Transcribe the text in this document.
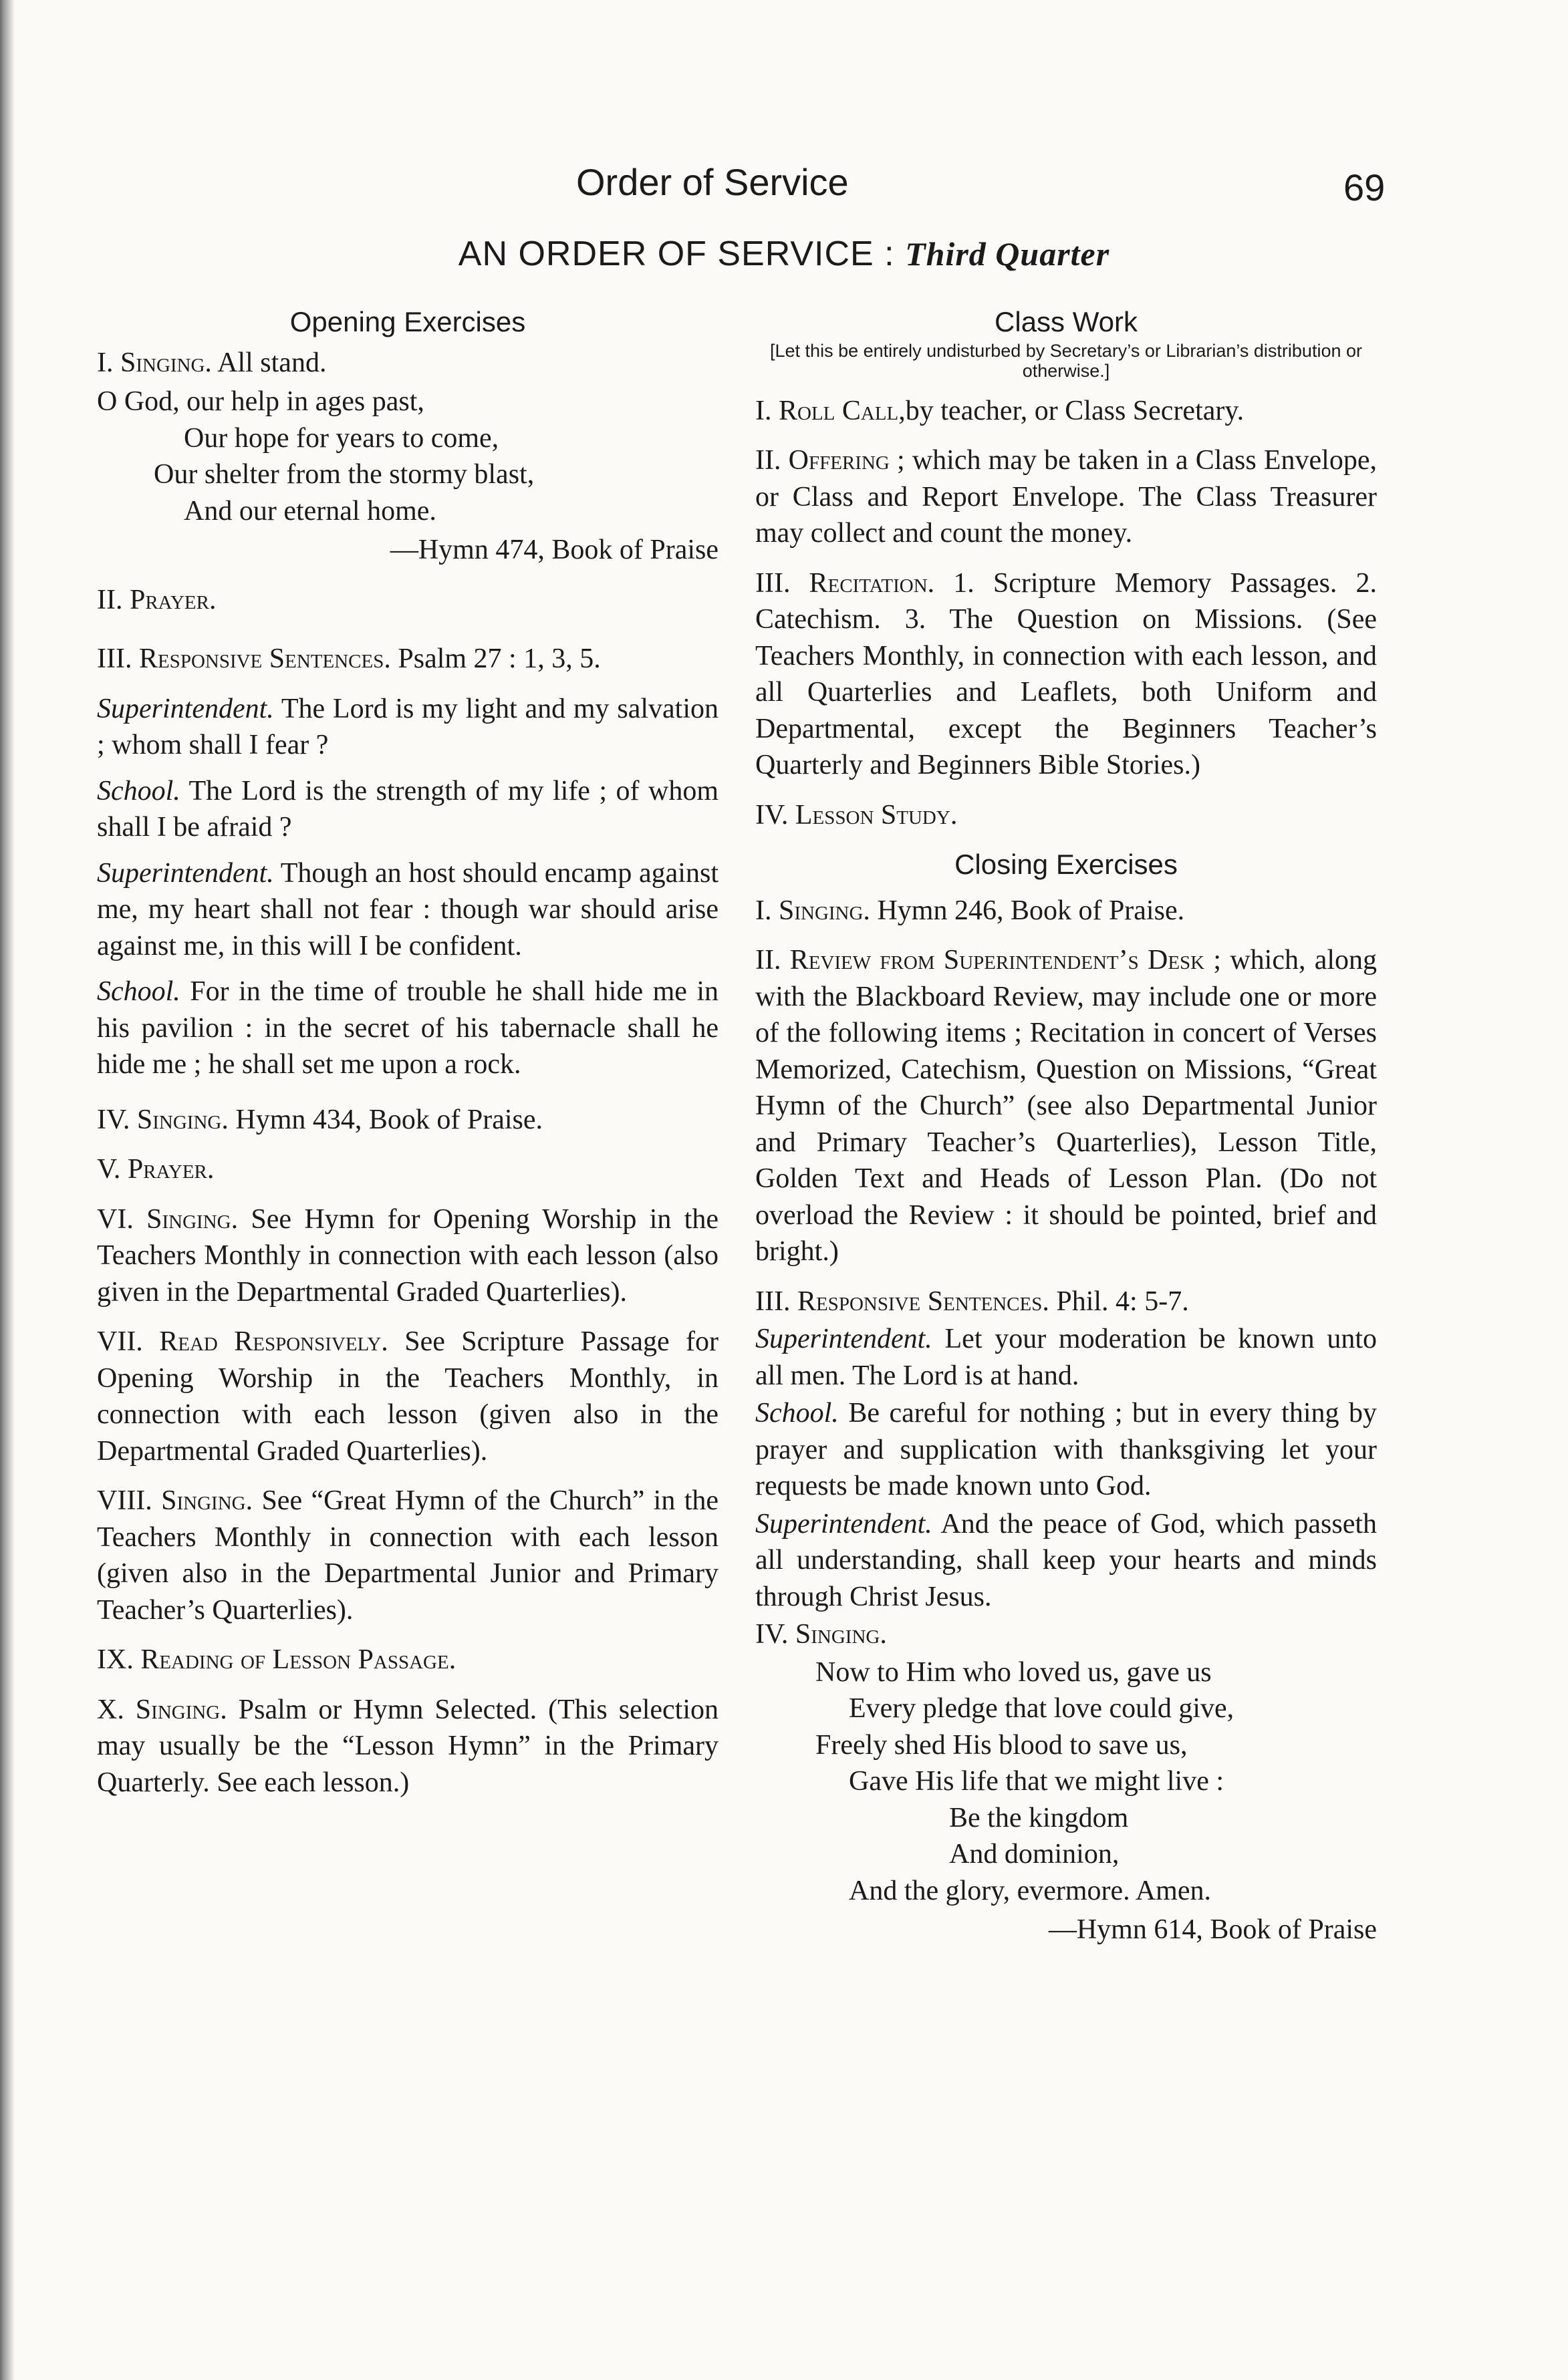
Order of Service	69
AN ORDER OF SERVICE : Third Quarter
Opening Exercises

I. Singing. All stand.

O God, our help in ages past,
Our hope for years to come,
Our shelter from the stormy blast,
And our eternal home.
—Hymn 474, Book of Praise

II. Prayer.

III. Responsive Sentences. Psalm 27 : 1, 3, 5.

Superintendent. The Lord is my light and my salvation ; whom shall I fear ?

School. The Lord is the strength of my life ; of whom shall I be afraid ?

Superintendent. Though an host should encamp against me, my heart shall not fear : though war should arise against me, in this will I be confident.

School. For in the time of trouble he shall hide me in his pavilion : in the secret of his tabernacle shall he hide me ; he shall set me upon a rock.

IV. Singing. Hymn 434, Book of Praise.

V. Prayer.

VI. Singing. See Hymn for Opening Worship in the Teachers Monthly in connection with each lesson (also given in the Departmental Graded Quarterlies).

VII. Read Responsively. See Scripture Passage for Opening Worship in the Teachers Monthly, in connection with each lesson (given also in the Departmental Graded Quarterlies).

VIII. Singing. See “Great Hymn of the Church” in the Teachers Monthly in connection with each lesson (given also in the Departmental Junior and Primary Teacher’s Quarterlies).

IX. Reading of Lesson Passage.

X. Singing. Psalm or Hymn Selected. (This selection may usually be the “Lesson Hymn” in the Primary Quarterly. See each lesson.)

Class Work
[Let this be entirely undisturbed by Secretary’s or Librarian’s distribution or otherwise.]

I. Roll Call,by teacher, or Class Secretary.

II. Offering ; which may be taken in a Class Envelope, or Class and Report Envelope. The Class Treasurer may collect and count the money.

III. Recitation. 1. Scripture Memory Passages. 2. Catechism. 3. The Question on Missions. (See Teachers Monthly, in connection with each lesson, and all Quarterlies and Leaflets, both Uniform and Departmental, except the Beginners Teacher’s Quarterly and Beginners Bible Stories.)

IV. Lesson Study.

Closing Exercises

I. Singing. Hymn 246, Book of Praise.

II. Review from Superintendent’s Desk ; which, along with the Blackboard Review, may include one or more of the following items ; Recitation in concert of Verses Memorized, Catechism, Question on Missions, “Great Hymn of the Church” (see also Departmental Junior and Primary Teacher’s Quarterlies), Lesson Title, Golden Text and Heads of Lesson Plan. (Do not overload the Review : it should be pointed, brief and bright.)

III. Responsive Sentences. Phil. 4: 5-7.

Superintendent. Let your moderation be known unto all men. The Lord is at hand.

School. Be careful for nothing ; but in every thing by prayer and supplication with thanksgiving let your requests be made known unto God.

Superintendent. And the peace of God, which passeth all understanding, shall keep your hearts and minds through Christ Jesus.

IV. Singing.

Now to Him who loved us, gave us
Every pledge that love could give,
Freely shed His blood to save us,
Gave His life that we might live :
Be the kingdom
And dominion,
And the glory, evermore. Amen.
—Hymn 614, Book of Praise
